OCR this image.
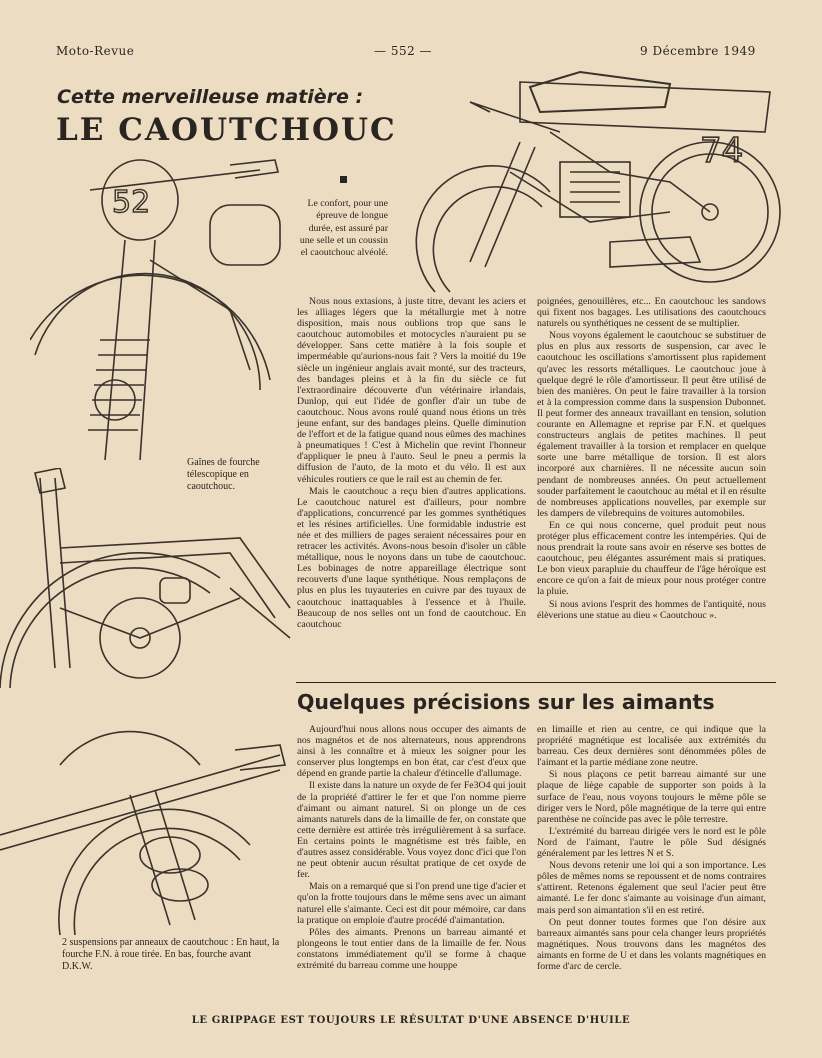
Moto-Revue	— 552 —	9 Décembre 1949
74
Cette merveilleuse matière :
LE CAOUTCHOUC
52
Gaînes de fourche télescopique en caoutchouc.
2 suspensions par anneaux de caoutchouc : En haut, la fourche F.N. à roue tirée. En bas, fourche avant D.K.W.
Le confort, pour une épreuve de longue durée, est assuré par une selle et un coussin el caoutchouc alvéolé.

Nous nous extasions, à juste titre, devant les aciers et les alliages légers que la métallurgie met à notre disposition, mais nous oublions trop que sans le caoutchouc automobiles et motocycles n'auraient pu se développer. Sans cette matière à la fois souple et imperméable qu'aurions-nous fait ? Vers la moitié du 19e siècle un ingénieur anglais avait monté, sur des tracteurs, des bandages pleins et à la fin du siècle ce fut l'extraordinaire découverte d'un vétérinaire irlandais, Dunlop, qui eut l'idée de gonfler d'air un tube de caoutchouc. Nous avons roulé quand nous étions un très jeune enfant, sur des bandages pleins. Quelle diminution de l'effort et de la fatigue quand nous eûmes des machines à pneumatiques ! C'est à Michelin que revint l'honneur d'appliquer le pneu à l'auto. Seul le pneu a permis la diffusion de l'auto, de la moto et du vélo. Il est aux véhicules routiers ce que le rail est au chemin de fer.

Mais le caoutchouc a reçu bien d'autres applications. Le caoutchouc naturel est d'ailleurs, pour nombre d'applications, concurrencé par les gommes synthétiques et les résines artificielles. Une formidable industrie est née et des milliers de pages seraient nécessaires pour en retracer les activités. Avons-nous besoin d'isoler un câble métallique, nous le noyons dans un tube de caoutchouc. Les bobinages de notre appareillage électrique sont recouverts d'une laque synthétique. Nous remplaçons de plus en plus les tuyauteries en cuivre par des tuyaux de caoutchouc inattaquables à l'essence et à l'huile. Beaucoup de nos selles ont un fond de caoutchouc. En caoutchouc

poignées, genouillères, etc... En caoutchouc les sandows qui fixent nos bagages. Les utilisations des caoutchoucs naturels ou synthétiques ne cessent de se multiplier.

Nous voyons également le caoutchouc se substituer de plus en plus aux ressorts de suspension, car avec le caoutchouc les oscillations s'amortissent plus rapidement qu'avec les ressorts métalliques. Le caoutchouc joue à quelque degré le rôle d'amortisseur. Il peut être utilisé de bien des manières. On peut le faire travailler à la torsion et à la compression comme dans la suspension Dubonnet. Il peut former des anneaux travaillant en tension, solution courante en Allemagne et reprise par F.N. et quelques constructeurs anglais de petites machines. Il peut également travailler à la torsion et remplacer en quelque sorte une barre métallique de torsion. Il est alors incorporé aux charnières. Il ne nécessite aucun soin pendant de nombreuses années. On peut actuellement souder parfaitement le caoutchouc au métal et il en résulte de nombreuses applications nouvelles, par exemple sur les dampers de vilebrequins de voitures automobiles.

En ce qui nous concerne, quel produit peut nous protéger plus efficacement contre les intempéries. Qui de nous prendrait la route sans avoir en réserve ses bottes de caoutchouc, peu élégantes assurément mais si pratiques. Le bon vieux parapluie du chauffeur de l'âge héroïque est encore ce qu'on a fait de mieux pour nous protéger contre la pluie.

Si nous avions l'esprit des hommes de l'antiquité, nous élèverions une statue au dieu « Caoutchouc ».

Quelques précisions sur les aimants

Aujourd'hui nous allons nous occuper des aimants de nos magnétos et de nos alternateurs, nous apprendrons ainsi à les connaître et à mieux les soigner pour les conserver plus longtemps en bon état, car c'est d'eux que dépend en grande partie la chaleur d'étincelle d'allumage.

Il existe dans la nature un oxyde de fer Fe3O4 qui jouit de la propriété d'attirer le fer et que l'on nomme pierre d'aimant ou aimant naturel. Si on plonge un de ces aimants naturels dans de la limaille de fer, on constate que cette dernière est attirée très irrégulièrement à sa surface. En certains points le magnétisme est très faible, en d'autres assez considérable. Vous voyez donc d'ici que l'on ne peut obtenir aucun résultat pratique de cet oxyde de fer.

Mais on a remarqué que si l'on prend une tige d'acier et qu'on la frotte toujours dans le même sens avec un aimant naturel elle s'aimante. Ceci est dit pour mémoire, car dans la pratique on emploie d'autre procédé d'aimantation.

Pôles des aimants. Prenons un barreau aimanté et plongeons le tout entier dans de la limaille de fer. Nous constatons immédiatement qu'il se forme à chaque extrémité du barreau comme une houppe

en limaille et rien au centre, ce qui indique que la propriété magnétique est localisée aux extrémités du barreau. Ces deux dernières sont dénommées pôles de l'aimant et la partie médiane zone neutre.

Si nous plaçons ce petit barreau aimanté sur une plaque de liège capable de supporter son poids à la surface de l'eau, nous voyons toujours le même pôle se diriger vers le Nord, pôle magnétique de la terre qui entre parenthèse ne coïncide pas avec le pôle terrestre.

L'extrémité du barreau dirigée vers le nord est le pôle Nord de l'aimant, l'autre le pôle Sud désignés généralement par les lettres N et S.

Nous devons retenir une loi qui a son importance. Les pôles de mêmes noms se repoussent et de noms contraires s'attirent. Retenons également que seul l'acier peut être aimanté. Le fer donc s'aimante au voisinage d'un aimant, mais perd son aimantation s'il en est retiré.

On peut donner toutes formes que l'on désire aux barreaux aimantés sans pour cela changer leurs propriétés magnétiques. Nous trouvons dans les magnétos des aimants en forme de U et dans les volants magnétiques en forme d'arc de cercle.

LE GRIPPAGE EST TOUJOURS LE RÉSULTAT D'UNE ABSENCE D'HUILE
